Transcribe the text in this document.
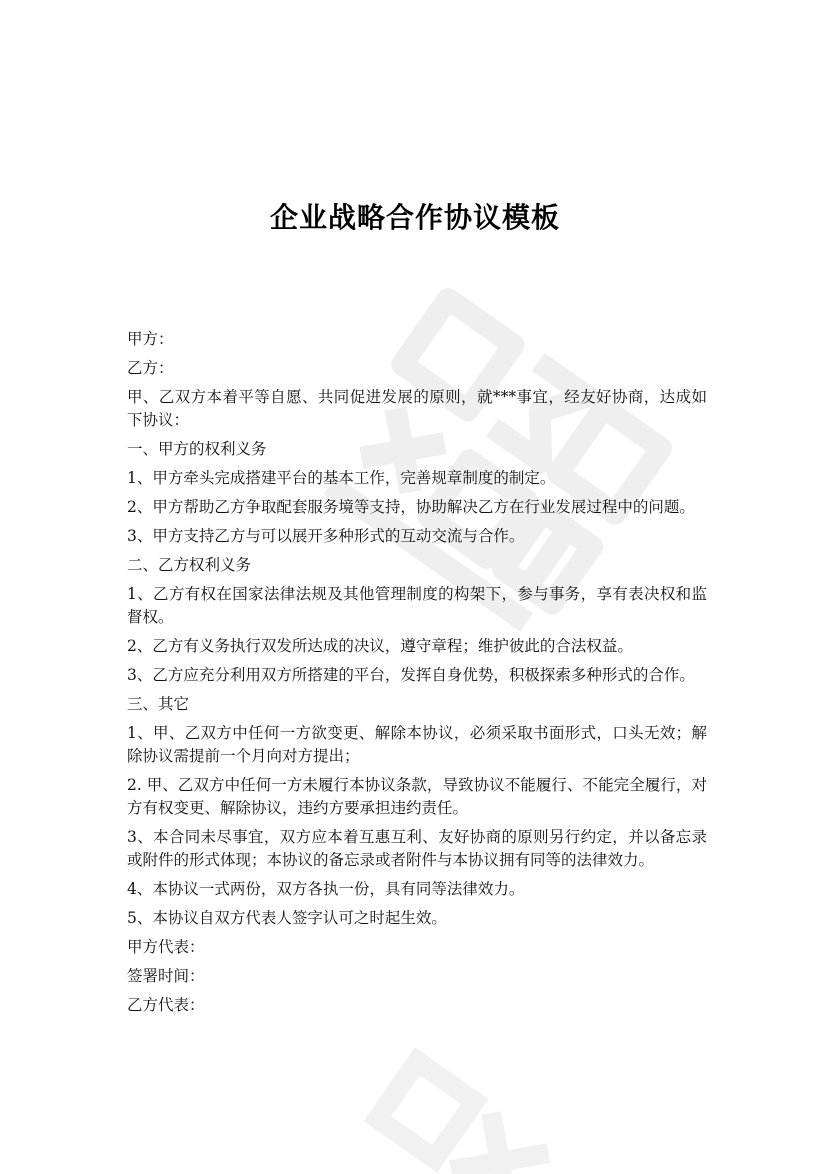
企业战略合作协议模板

甲方：

乙方：

甲、乙双方本着平等自愿、共同促进发展的原则，就***事宜，经友好协商，达成如下协议：

一、甲方的权利义务

1、甲方牵头完成搭建平台的基本工作，完善规章制度的制定。

2、甲方帮助乙方争取配套服务境等支持，协助解决乙方在行业发展过程中的问题。

3、甲方支持乙方与可以展开多种形式的互动交流与合作。

二、乙方权利义务

1、乙方有权在国家法律法规及其他管理制度的构架下，参与事务，享有表决权和监督权。

2、乙方有义务执行双发所达成的决议，遵守章程；维护彼此的合法权益。

3、乙方应充分利用双方所搭建的平台，发挥自身优势，积极探索多种形式的合作。

三、其它

1、甲、乙双方中任何一方欲变更、解除本协议，必须采取书面形式，口头无效；解除协议需提前一个月向对方提出；

2. 甲、乙双方中任何一方未履行本协议条款，导致协议不能履行、不能完全履行，对方有权变更、解除协议，违约方要承担违约责任。

3、本合同未尽事宜，双方应本着互惠互利、友好协商的原则另行约定，并以备忘录或附件的形式体现；本协议的备忘录或者附件与本协议拥有同等的法律效力。

4、本协议一式两份，双方各执一份，具有同等法律效力。

5、本协议自双方代表人签字认可之时起生效。

甲方代表：

签署时间：

乙方代表：
